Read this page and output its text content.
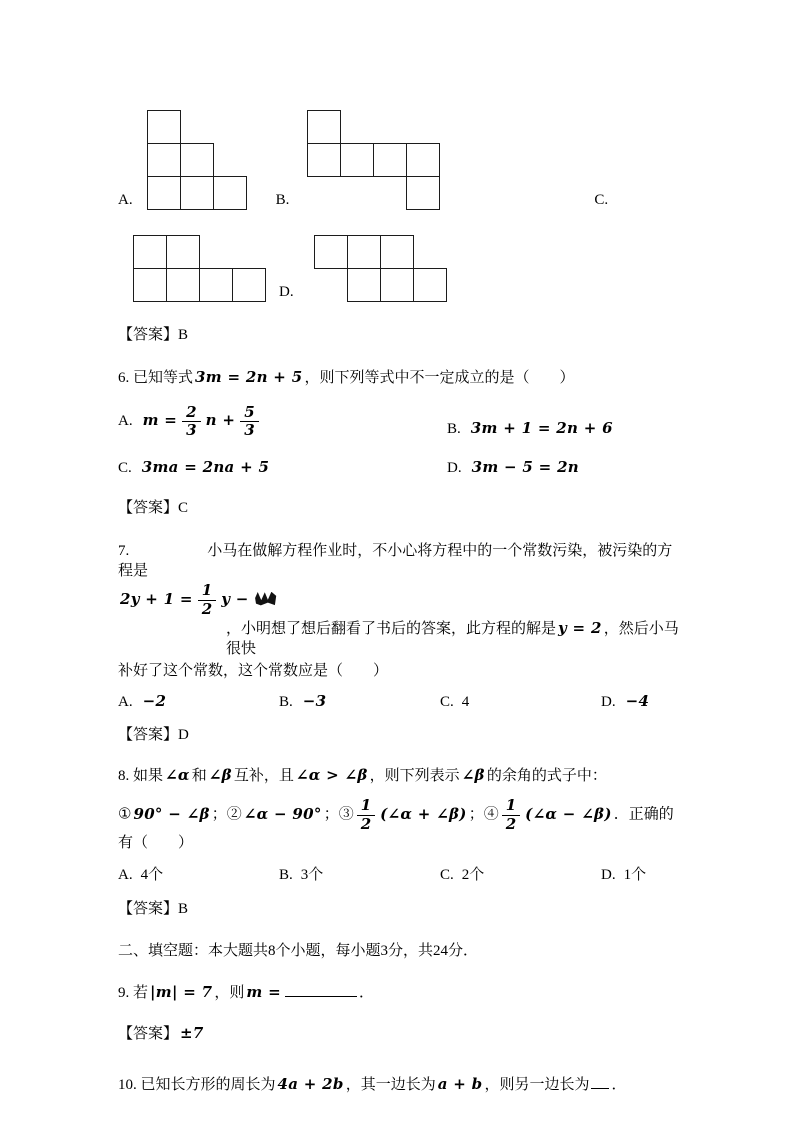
A.	B.	C.
D.

【答案】B

6. 已知等式 3m = 2n + 5 ，则下列等式中不一定成立的是（　　）

A. $m = \frac{2}{3}$ $n + \frac{5}{3}$	B. 3m + 1 = 2n + 6

C. 3ma = 2na + 5	D. 3m − 5 = 2n

【答案】C

7.	小马在做解方程作业时，不小心将方程中的一个常数污染，被污染的方程是

$2y + 1 = \frac{1}{2}$ y −

，小明想了想后翻看了书后的答案，此方程的解是 y = 2 ，然后小马很快

补好了这个常数，这个常数应是（　　）

A. −2	B. −3	C. 4	D. −4

【答案】D

8. 如果 ∠α 和 ∠β 互补，且 ∠α > ∠β ，则下列表示 ∠β 的余角的式子中：

① 90° − ∠β ；② ∠α − 90° ；③ $\frac{1}{2}$ (∠α + ∠β) ；④ $\frac{1}{2}$ (∠α − ∠β) ．正确的有（　　）

A. 4个	B. 3个	C. 2个	D. 1个

【答案】B

二、填空题：本大题共8个小题，每小题3分，共24分．

9. 若 |m| = 7 ，则 m =	．

【答案】 ±7

10. 已知长方形的周长为 4a + 2b ，其一边长为 a + b ，则另一边长为 ．
